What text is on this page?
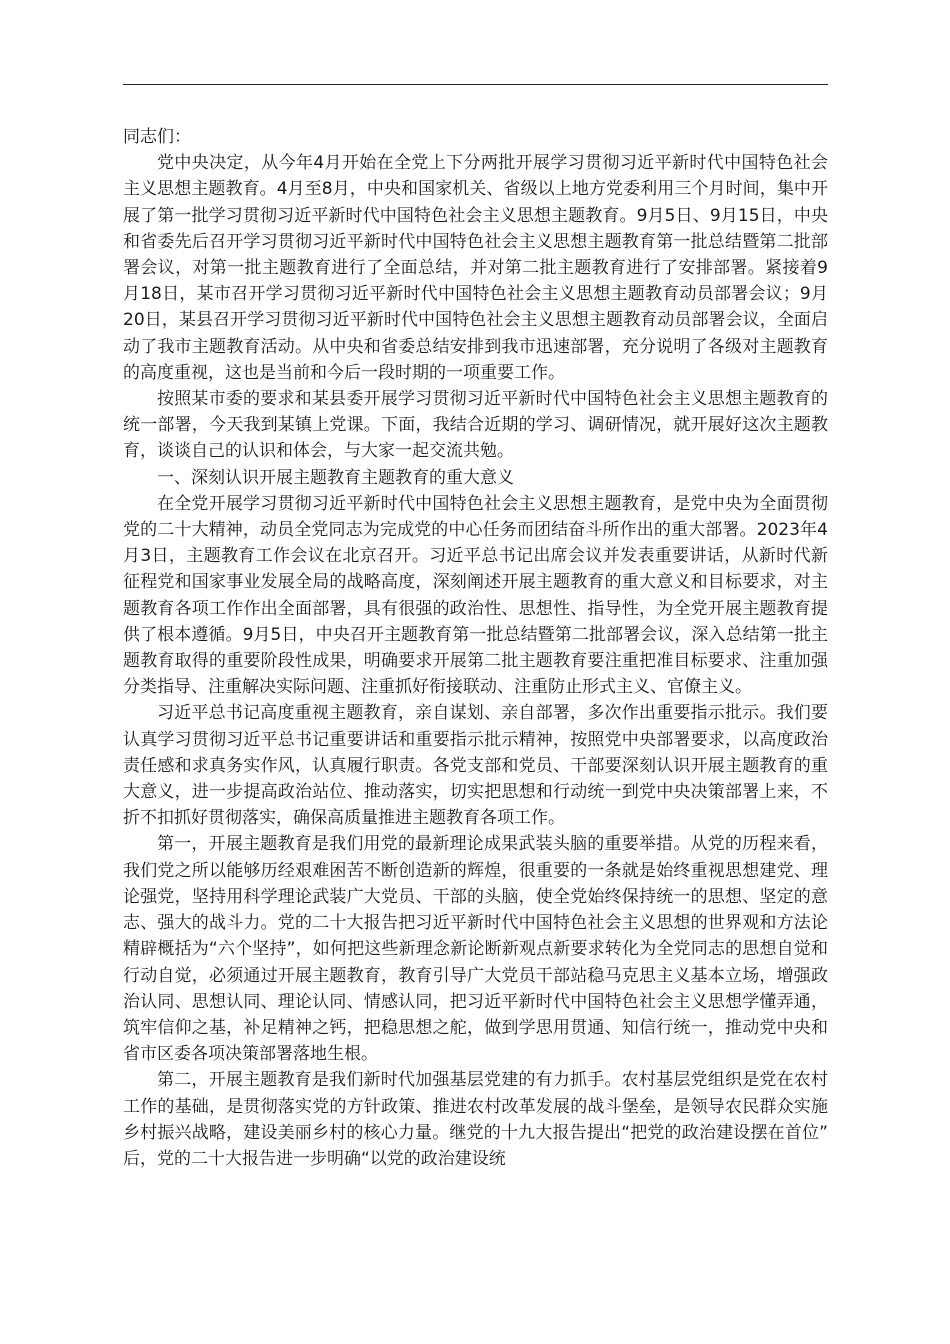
同志们：

党中央决定，从今年4月开始在全党上下分两批开展学习贯彻习近平新时代中国特色社会主义思想主题教育。4月至8月，中央和国家机关、省级以上地方党委利用三个月时间，集中开展了第一批学习贯彻习近平新时代中国特色社会主义思想主题教育。9月5日、9月15日，中央和省委先后召开学习贯彻习近平新时代中国特色社会主义思想主题教育第一批总结暨第二批部署会议，对第一批主题教育进行了全面总结，并对第二批主题教育进行了安排部署。紧接着9月18日，某市召开学习贯彻习近平新时代中国特色社会主义思想主题教育动员部署会议；9月20日，某县召开学习贯彻习近平新时代中国特色社会主义思想主题教育动员部署会议，全面启动了我市主题教育活动。从中央和省委总结安排到我市迅速部署，充分说明了各级对主题教育的高度重视，这也是当前和今后一段时期的一项重要工作。

按照某市委的要求和某县委开展学习贯彻习近平新时代中国特色社会主义思想主题教育的统一部署，今天我到某镇上党课。下面，我结合近期的学习、调研情况，就开展好这次主题教育，谈谈自己的认识和体会，与大家一起交流共勉。

一、深刻认识开展主题教育主题教育的重大意义

在全党开展学习贯彻习近平新时代中国特色社会主义思想主题教育，是党中央为全面贯彻党的二十大精神，动员全党同志为完成党的中心任务而团结奋斗所作出的重大部署。2023年4月3日，主题教育工作会议在北京召开。习近平总书记出席会议并发表重要讲话，从新时代新征程党和国家事业发展全局的战略高度，深刻阐述开展主题教育的重大意义和目标要求，对主题教育各项工作作出全面部署，具有很强的政治性、思想性、指导性，为全党开展主题教育提供了根本遵循。9月5日，中央召开主题教育第一批总结暨第二批部署会议，深入总结第一批主题教育取得的重要阶段性成果，明确要求开展第二批主题教育要注重把准目标要求、注重加强分类指导、注重解决实际问题、注重抓好衔接联动、注重防止形式主义、官僚主义。

习近平总书记高度重视主题教育，亲自谋划、亲自部署，多次作出重要指示批示。我们要认真学习贯彻习近平总书记重要讲话和重要指示批示精神，按照党中央部署要求，以高度政治责任感和求真务实作风，认真履行职责。各党支部和党员、干部要深刻认识开展主题教育的重大意义，进一步提高政治站位、推动落实，切实把思想和行动统一到党中央决策部署上来，不折不扣抓好贯彻落实，确保高质量推进主题教育各项工作。

第一，开展主题教育是我们用党的最新理论成果武装头脑的重要举措。从党的历程来看，我们党之所以能够历经艰难困苦不断创造新的辉煌，很重要的一条就是始终重视思想建党、理论强党，坚持用科学理论武装广大党员、干部的头脑，使全党始终保持统一的思想、坚定的意志、强大的战斗力。党的二十大报告把习近平新时代中国特色社会主义思想的世界观和方法论精辟概括为“六个坚持”，如何把这些新理念新论断新观点新要求转化为全党同志的思想自觉和行动自觉，必须通过开展主题教育，教育引导广大党员干部站稳马克思主义基本立场，增强政治认同、思想认同、理论认同、情感认同，把习近平新时代中国特色社会主义思想学懂弄通，筑牢信仰之基，补足精神之钙，把稳思想之舵，做到学思用贯通、知信行统一，推动党中央和省市区委各项决策部署落地生根。

第二，开展主题教育是我们新时代加强基层党建的有力抓手。农村基层党组织是党在农村工作的基础，是贯彻落实党的方针政策、推进农村改革发展的战斗堡垒，是领导农民群众实施乡村振兴战略，建设美丽乡村的核心力量。继党的十九大报告提出“把党的政治建设摆在首位”后，党的二十大报告进一步明确“以党的政治建设统
